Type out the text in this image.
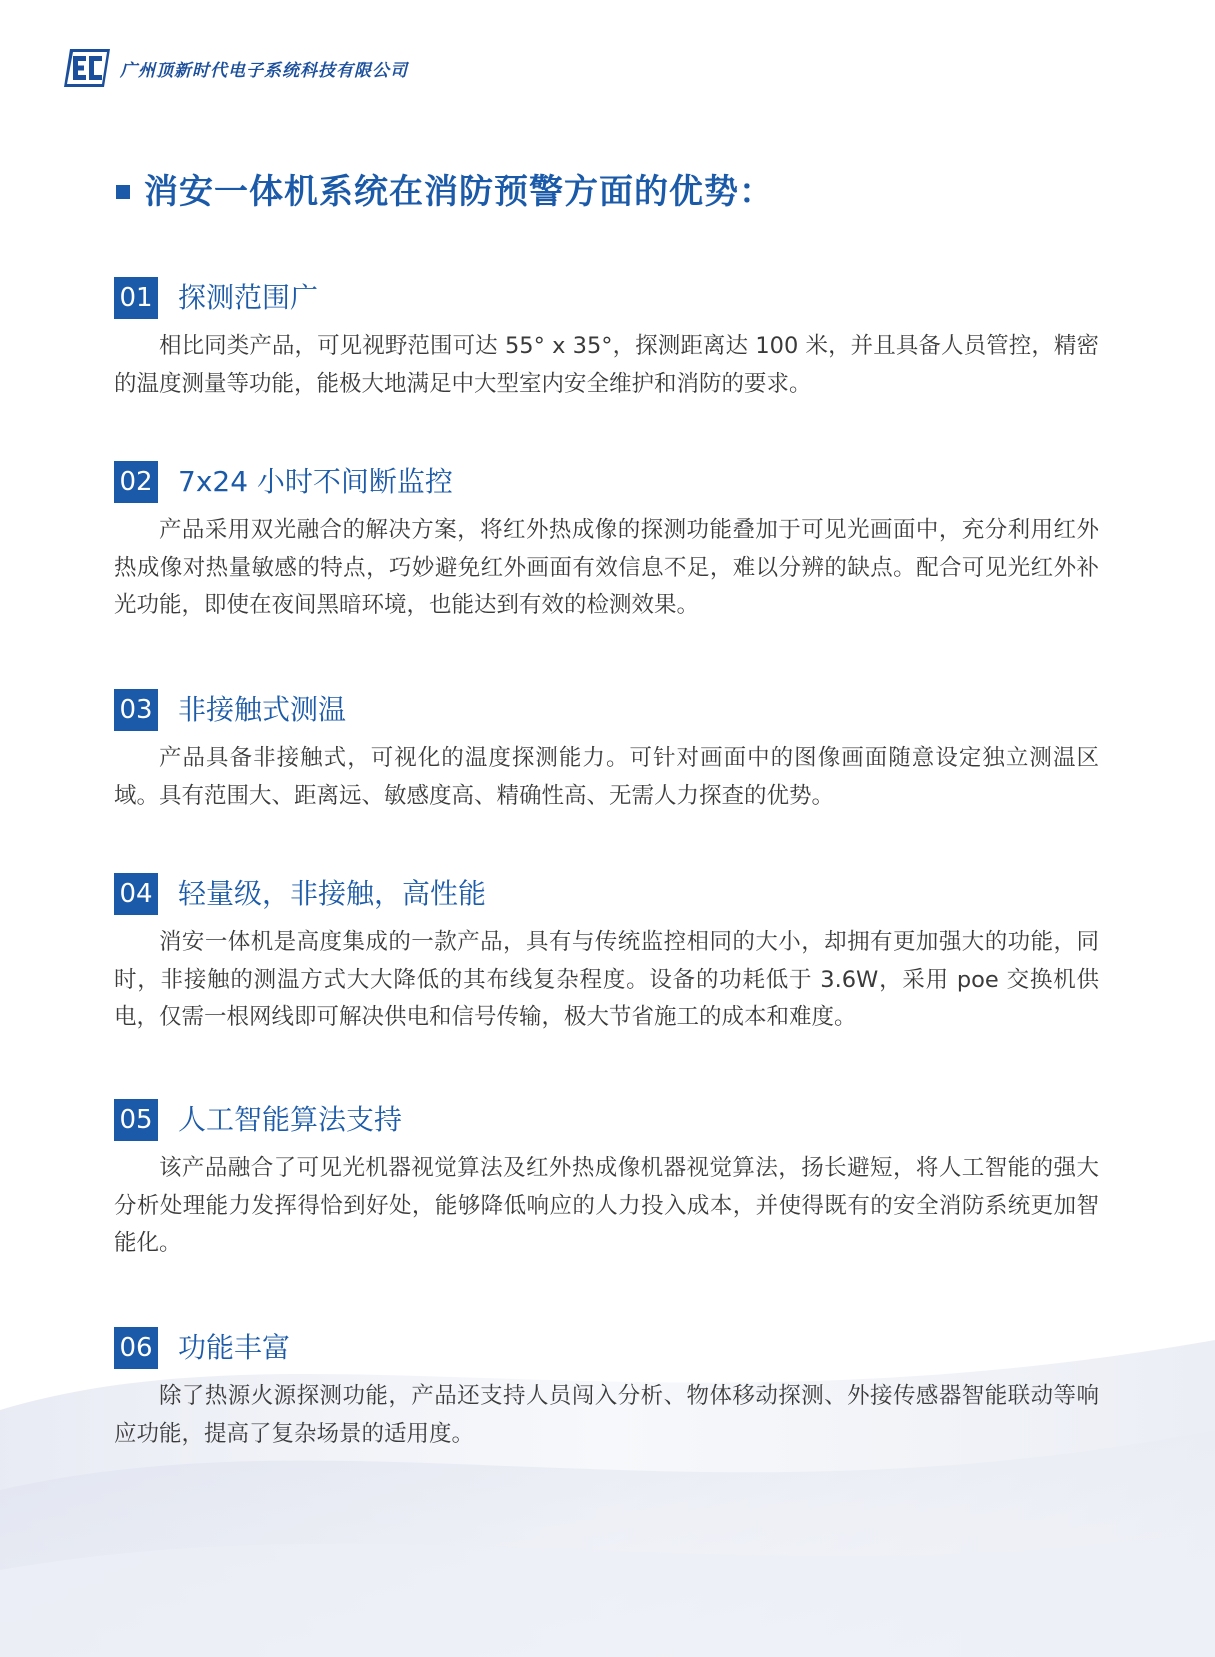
广州顶新时代电子系统科技有限公司
消安一体机系统在消防预警方面的优势：
01 探测范围广

相比同类产品，可见视野范围可达 55° x 35°，探测距离达 100 米，并且具备人员管控，精密的温度测量等功能，能极大地满足中大型室内安全维护和消防的要求。

02 7x24 小时不间断监控

产品采用双光融合的解决方案，将红外热成像的探测功能叠加于可见光画面中，充分利用红外热成像对热量敏感的特点，巧妙避免红外画面有效信息不足，难以分辨的缺点。配合可见光红外补光功能，即使在夜间黑暗环境，也能达到有效的检测效果。

03 非接触式测温

产品具备非接触式，可视化的温度探测能力。可针对画面中的图像画面随意设定独立测温区域。具有范围大、距离远、敏感度高、精确性高、无需人力探查的优势。

04 轻量级，非接触，高性能

消安一体机是高度集成的一款产品，具有与传统监控相同的大小，却拥有更加强大的功能，同时，非接触的测温方式大大降低的其布线复杂程度。设备的功耗低于 3.6W，采用 poe 交换机供电，仅需一根网线即可解决供电和信号传输，极大节省施工的成本和难度。

05 人工智能算法支持

该产品融合了可见光机器视觉算法及红外热成像机器视觉算法，扬长避短，将人工智能的强大分析处理能力发挥得恰到好处，能够降低响应的人力投入成本，并使得既有的安全消防系统更加智能化。

06 功能丰富

除了热源火源探测功能，产品还支持人员闯入分析、物体移动探测、外接传感器智能联动等响应功能，提高了复杂场景的适用度。
